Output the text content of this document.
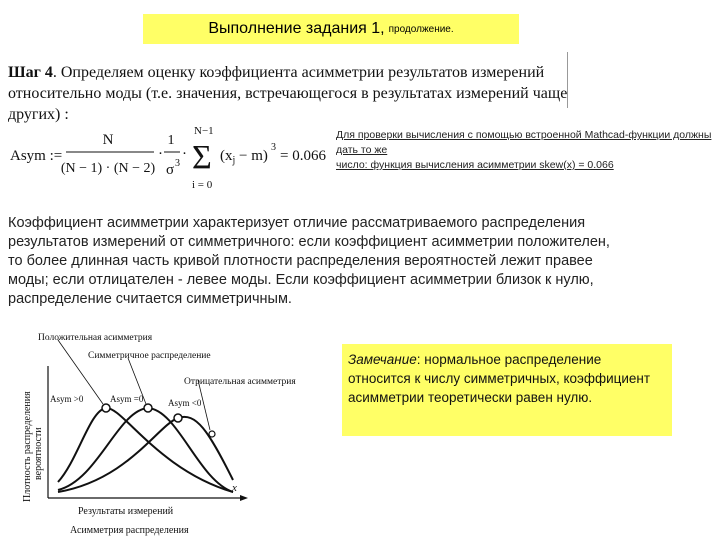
Выполнение задания 1, продолжение.
Шаг 4. Определяем оценку коэффициента асимметрии результатов измерений
относительно моды (т.е. значения, встречающегося в результатах измерений чаще других) :
Asym :=
N
(N − 1) · (N − 2)
·
1
σ 3
·
N−1
Σ
i = 0
$(x_j - m)$
3
= 0.066
Для проверки вычисления с помощью встроенной Mathcad-функции должны дать то же
число: функция вычисления асимметрии skew(x) = 0.066
Коэффициент асимметрии характеризует отличие рассматриваемого распределения
результатов измерений от симметричного: если коэффициент асимметрии положителен,
то более длинная часть кривой плотности распределения вероятностей лежит правее
моды; если отлицателен - левее моды. Если коэффициент асимметрии близок к нулю,
распределение считается симметричным.
Замечание: нормальное распределение относится к числу симметричных, коэффициент асимметрии теоретически равен нулю.
x
Положительная асимметрия
Симметричное распределение
Отрицательная асимметрия
Asym >0	Asym =0	Asym <0
Плотность распределения вероятности
Результаты измерений
Асимметрия распределения
